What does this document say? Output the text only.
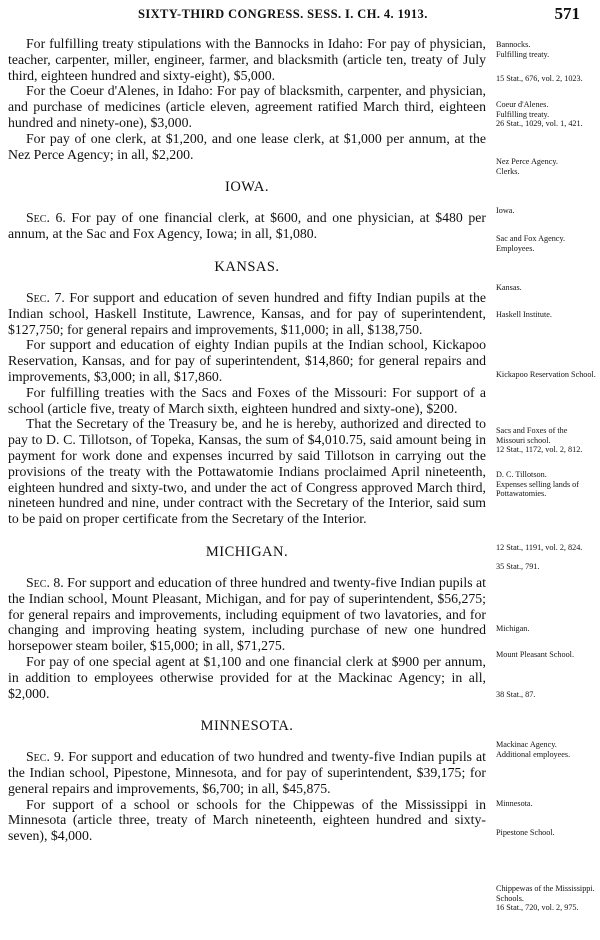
SIXTY-THIRD CONGRESS. SESS. I. CH. 4. 1913.	571

For fulfilling treaty stipulations with the Bannocks in Idaho: For pay of physician, teacher, carpenter, miller, engineer, farmer, and blacksmith (article ten, treaty of July third, eighteen hundred and sixty-eight), $5,000.

For the Coeur d'Alenes, in Idaho: For pay of blacksmith, carpenter, and physician, and purchase of medicines (article eleven, agreement ratified March third, eighteen hundred and ninety-one), $3,000.

For pay of one clerk, at $1,200, and one lease clerk, at $1,000 per annum, at the Nez Perce Agency; in all, $2,200.

IOWA.

Sec. 6. For pay of one financial clerk, at $600, and one physician, at $480 per annum, at the Sac and Fox Agency, Iowa; in all, $1,080.

KANSAS.

Sec. 7. For support and education of seven hundred and fifty Indian pupils at the Indian school, Haskell Institute, Lawrence, Kansas, and for pay of superintendent, $127,750; for general repairs and improvements, $11,000; in all, $138,750.

For support and education of eighty Indian pupils at the Indian school, Kickapoo Reservation, Kansas, and for pay of superintendent, $14,860; for general repairs and improvements, $3,000; in all, $17,860.

For fulfilling treaties with the Sacs and Foxes of the Missouri: For support of a school (article five, treaty of March sixth, eighteen hundred and sixty-one), $200.

That the Secretary of the Treasury be, and he is hereby, authorized and directed to pay to D. C. Tillotson, of Topeka, Kansas, the sum of $4,010.75, said amount being in payment for work done and expenses incurred by said Tillotson in carrying out the provisions of the treaty with the Pottawatomie Indians proclaimed April nineteenth, eighteen hundred and sixty-two, and under the act of Congress approved March third, nineteen hundred and nine, under contract with the Secretary of the Interior, said sum to be paid on proper certificate from the Secretary of the Interior.

MICHIGAN.

Sec. 8. For support and education of three hundred and twenty-five Indian pupils at the Indian school, Mount Pleasant, Michigan, and for pay of superintendent, $56,275; for general repairs and improvements, including equipment of two lavatories, and for changing and improving heating system, including purchase of new one hundred horsepower steam boiler, $15,000; in all, $71,275.

For pay of one special agent at $1,100 and one financial clerk at $900 per annum, in addition to employees otherwise provided for at the Mackinac Agency; in all, $2,000.

MINNESOTA.

Sec. 9. For support and education of two hundred and twenty-five Indian pupils at the Indian school, Pipestone, Minnesota, and for pay of superintendent, $39,175; for general repairs and improvements, $6,700; in all, $45,875.

For support of a school or schools for the Chippewas of the Mississippi in Minnesota (article three, treaty of March nineteenth, eighteen hundred and sixty-seven), $4,000.

Bannocks.
Fulfilling treaty.
15 Stat., 676, vol. 2, 1023.
Coeur d'Alenes.
Fulfilling treaty.
26 Stat., 1029, vol. 1, 421.
Nez Perce Agency.
Clerks.
Iowa.
Sac and Fox Agency.
Employees.
Kansas.
Haskell Institute.
Kickapoo Reservation School.
Sacs and Foxes of the Missouri school.
12 Stat., 1172, vol. 2, 812.
D. C. Tillotson.
Expenses selling lands of Pottawatomies.
12 Stat., 1191, vol. 2, 824.
35 Stat., 791.
Michigan.
Mount Pleasant School.
38 Stat., 87.
Mackinac Agency.
Additional employees.
Minnesota.
Pipestone School.
Chippewas of the Mississippi.
Schools.
16 Stat., 720, vol. 2, 975.
